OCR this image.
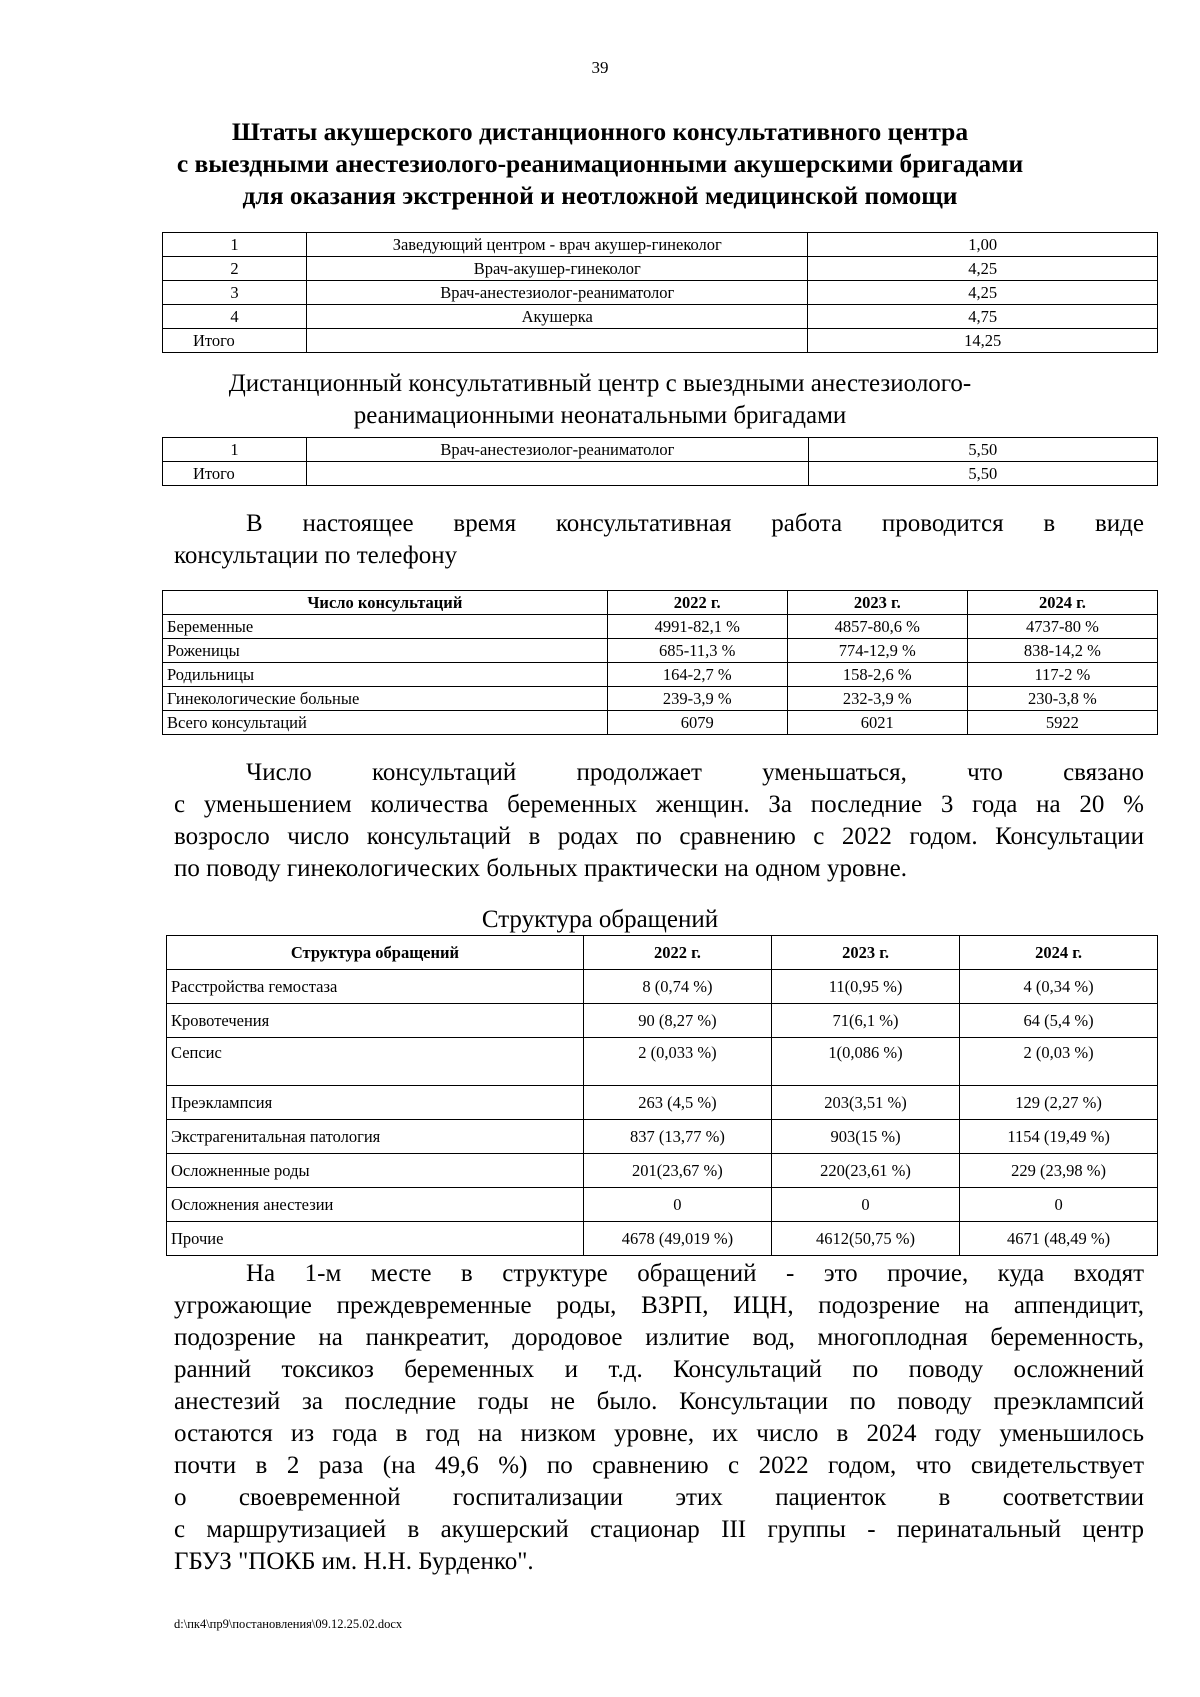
39
Штаты акушерского дистанционного консультативного центра
с выездными анестезиолого-реанимационными акушерскими бригадами
для оказания экстренной и неотложной медицинской помощи
1	Заведующий центром - врач акушер-гинеколог	1,00
2	Врач-акушер-гинеколог	4,25
3	Врач-анестезиолог-реаниматолог	4,25
4	Акушерка	4,75
Итого		14,25
Дистанционный консультативный центр с выездными анестезиолого-
реанимационными неонатальными бригадами
1	Врач-анестезиолог-реаниматолог	5,50
Итого		5,50
В настоящее время консультативная работа проводится в виде
консультации по телефону
Число консультаций	2022 г.	2023 г.	2024 г.
Беременные	4991-82,1 %	4857-80,6 %	4737-80 %
Роженицы	685-11,3 %	774-12,9 %	838-14,2 %
Родильницы	164-2,7 %	158-2,6 %	117-2 %
Гинекологические больные	239-3,9 %	232-3,9 %	230-3,8 %
Всего консультаций	6079	6021	5922
Число консультаций продолжает уменьшаться, что связано
с уменьшением количества беременных женщин. За последние 3 года на 20 %
возросло число консультаций в родах по сравнению с 2022 годом. Консультации
по поводу гинекологических больных практически на одном уровне.
Структура обращений
Структура обращений	2022 г.	2023 г.	2024 г.
Расстройства гемостаза	8 (0,74 %)	11(0,95 %)	4 (0,34 %)
Кровотечения	90 (8,27 %)	71(6,1 %)	64 (5,4 %)
Сепсис	2 (0,033 %)	1(0,086 %)	2 (0,03 %)
Преэклампсия	263 (4,5 %)	203(3,51 %)	129 (2,27 %)
Экстрагенитальная патология	837 (13,77 %)	903(15 %)	1154 (19,49 %)
Осложненные роды	201(23,67 %)	220(23,61 %)	229 (23,98 %)
Осложнения анестезии	0	0	0
Прочие	4678 (49,019 %)	4612(50,75 %)	4671 (48,49 %)
На 1-м месте в структуре обращений - это прочие, куда входят
угрожающие преждевременные роды, ВЗРП, ИЦН, подозрение на аппендицит,
подозрение на панкреатит, дородовое излитие вод, многоплодная беременность,
ранний токсикоз беременных и т.д. Консультаций по поводу осложнений
анестезий за последние годы не было. Консультации по поводу преэклампсий
остаются из года в год на низком уровне, их число в 2024 году уменьшилось
почти в 2 раза (на 49,6 %) по сравнению с 2022 годом, что свидетельствует
о своевременной госпитализации этих пациенток в соответствии
с маршрутизацией в акушерский стационар III группы - перинатальный центр
ГБУЗ "ПОКБ им. Н.Н. Бурденко".
d:\пк4\пр9\постановления\09.12.25.02.docx
